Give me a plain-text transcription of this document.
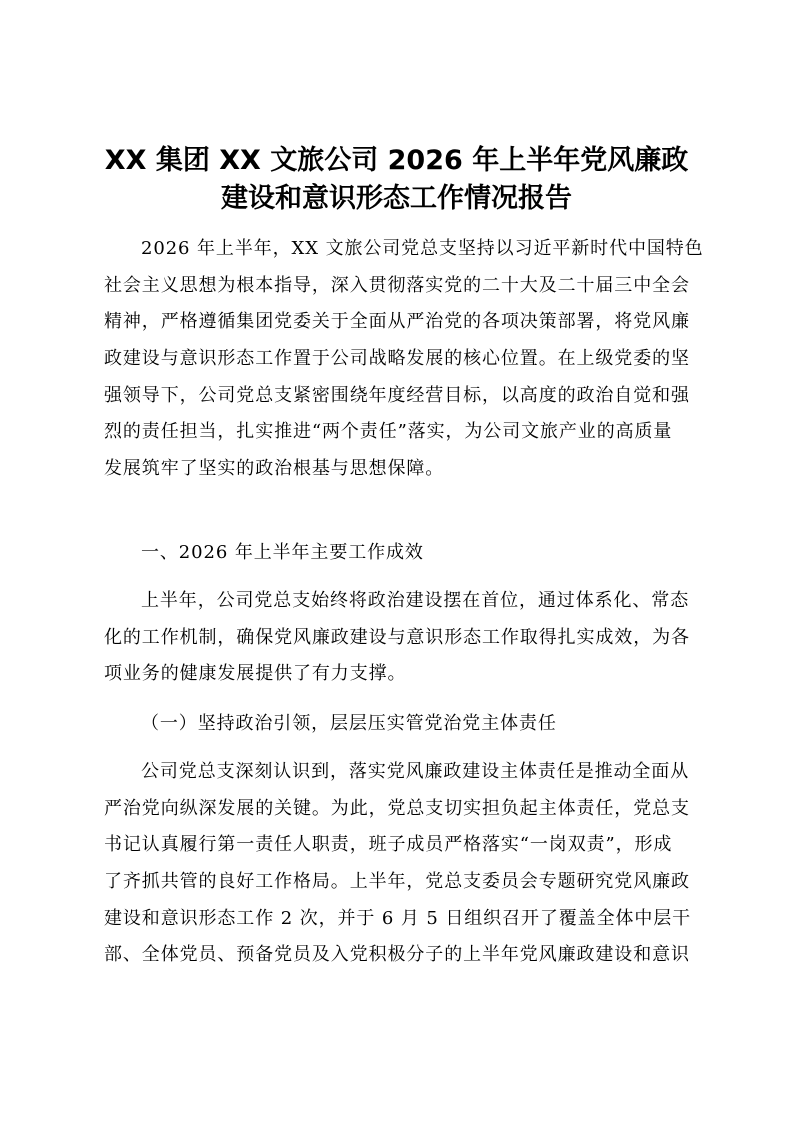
XX 集团 XX 文旅公司 2026 年上半年党风廉政
建设和意识形态工作情况报告
2026 年上半年，XX 文旅公司党总支坚持以习近平新时代中国特色
社会主义思想为根本指导，深入贯彻落实党的二十大及二十届三中全会
精神，严格遵循集团党委关于全面从严治党的各项决策部署，将党风廉
政建设与意识形态工作置于公司战略发展的核心位置。在上级党委的坚
强领导下，公司党总支紧密围绕年度经营目标，以高度的政治自觉和强
烈的责任担当，扎实推进“两个责任”落实，为公司文旅产业的高质量
发展筑牢了坚实的政治根基与思想保障。
一、2026 年上半年主要工作成效
上半年，公司党总支始终将政治建设摆在首位，通过体系化、常态
化的工作机制，确保党风廉政建设与意识形态工作取得扎实成效，为各
项业务的健康发展提供了有力支撑。
（一）坚持政治引领，层层压实管党治党主体责任
公司党总支深刻认识到，落实党风廉政建设主体责任是推动全面从
严治党向纵深发展的关键。为此，党总支切实担负起主体责任，党总支
书记认真履行第一责任人职责，班子成员严格落实“一岗双责”，形成
了齐抓共管的良好工作格局。上半年，党总支委员会专题研究党风廉政
建设和意识形态工作 2 次，并于 6 月 5 日组织召开了覆盖全体中层干
部、全体党员、预备党员及入党积极分子的上半年党风廉政建设和意识
